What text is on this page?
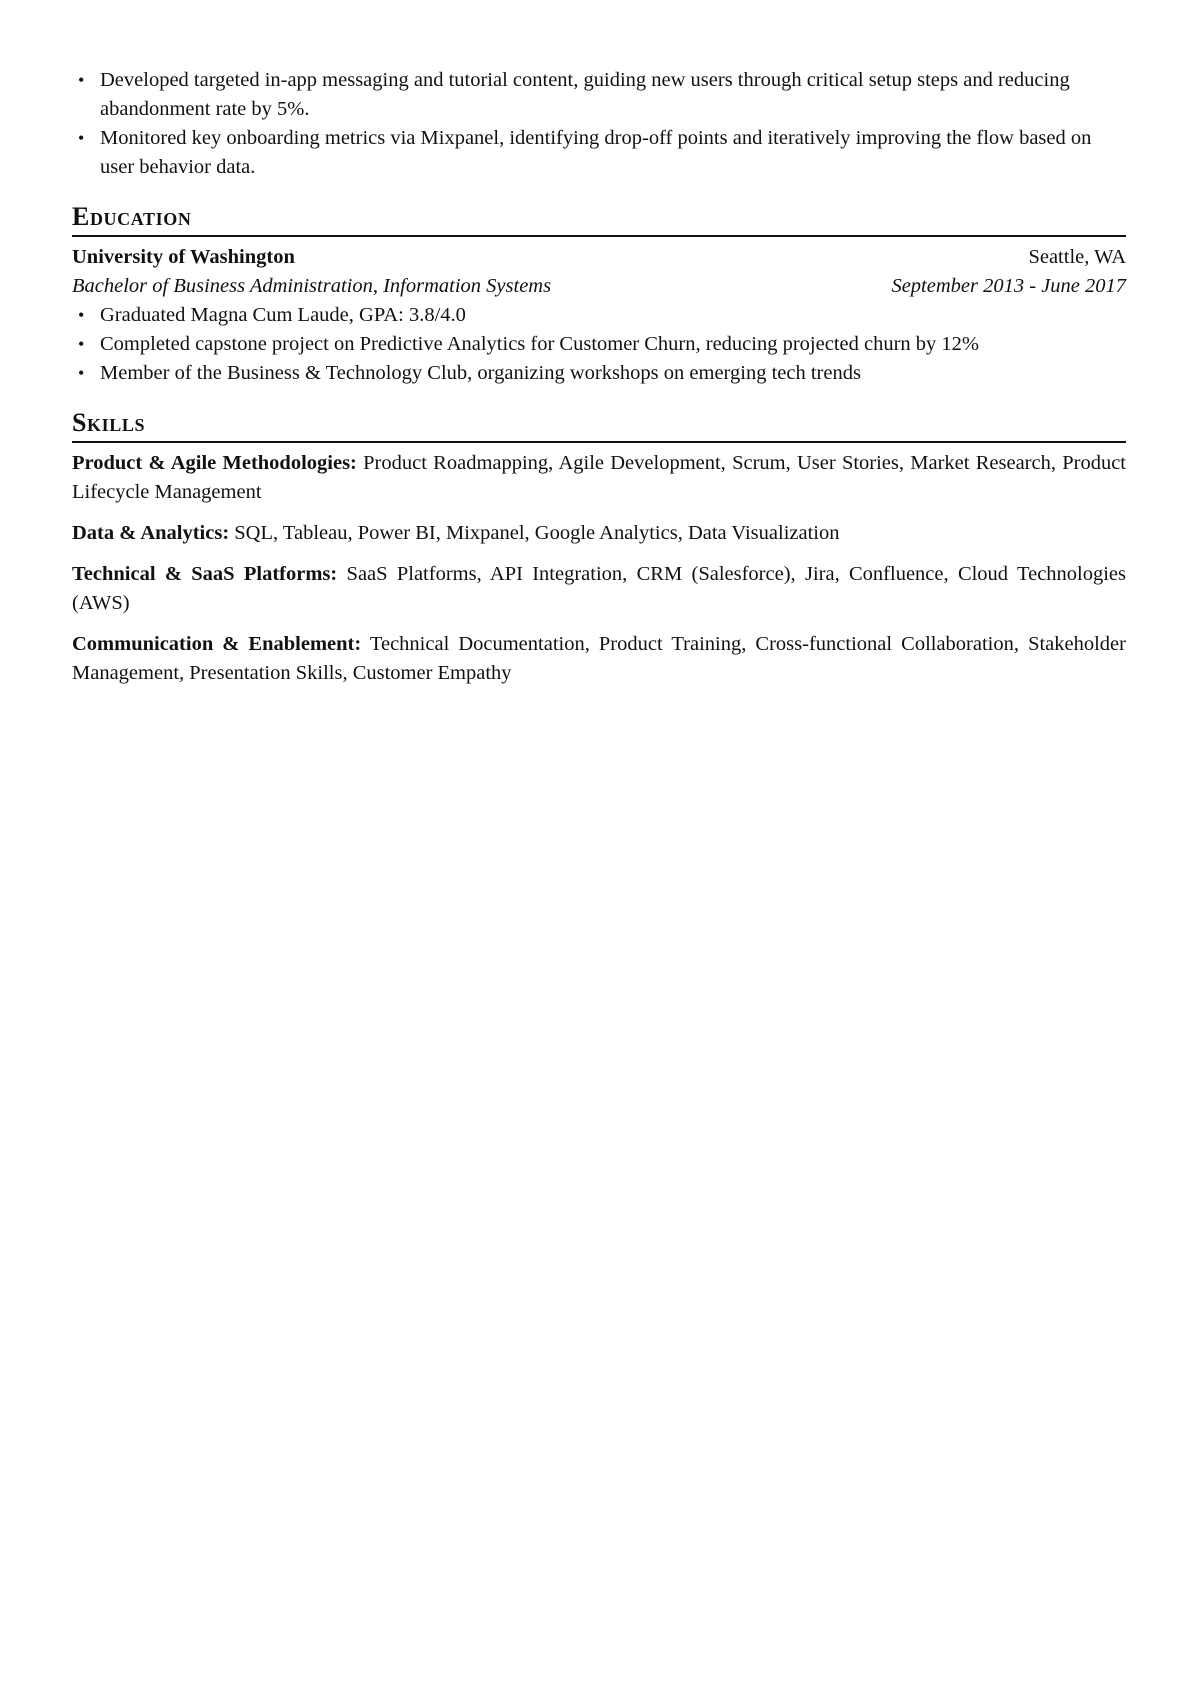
• Developed targeted in-app messaging and tutorial content, guiding new users through critical setup steps and reducing abandonment rate by 5%.
• Monitored key onboarding metrics via Mixpanel, identifying drop-off points and iteratively improving the flow based on user behavior data.
Education
University of Washington	Seattle, WA
Bachelor of Business Administration, Information Systems	September 2013 - June 2017
• Graduated Magna Cum Laude, GPA: 3.8/4.0
• Completed capstone project on Predictive Analytics for Customer Churn, reducing projected churn by 12%
• Member of the Business & Technology Club, organizing workshops on emerging tech trends
Skills

Product & Agile Methodologies: Product Roadmapping, Agile Development, Scrum, User Stories, Market Research, Product Lifecycle Management

Data & Analytics: SQL, Tableau, Power BI, Mixpanel, Google Analytics, Data Visualization

Technical & SaaS Platforms: SaaS Platforms, API Integration, CRM (Salesforce), Jira, Confluence, Cloud Technologies (AWS)

Communication & Enablement: Technical Documentation, Product Training, Cross-functional Collaboration, Stakeholder Management, Presentation Skills, Customer Empathy
